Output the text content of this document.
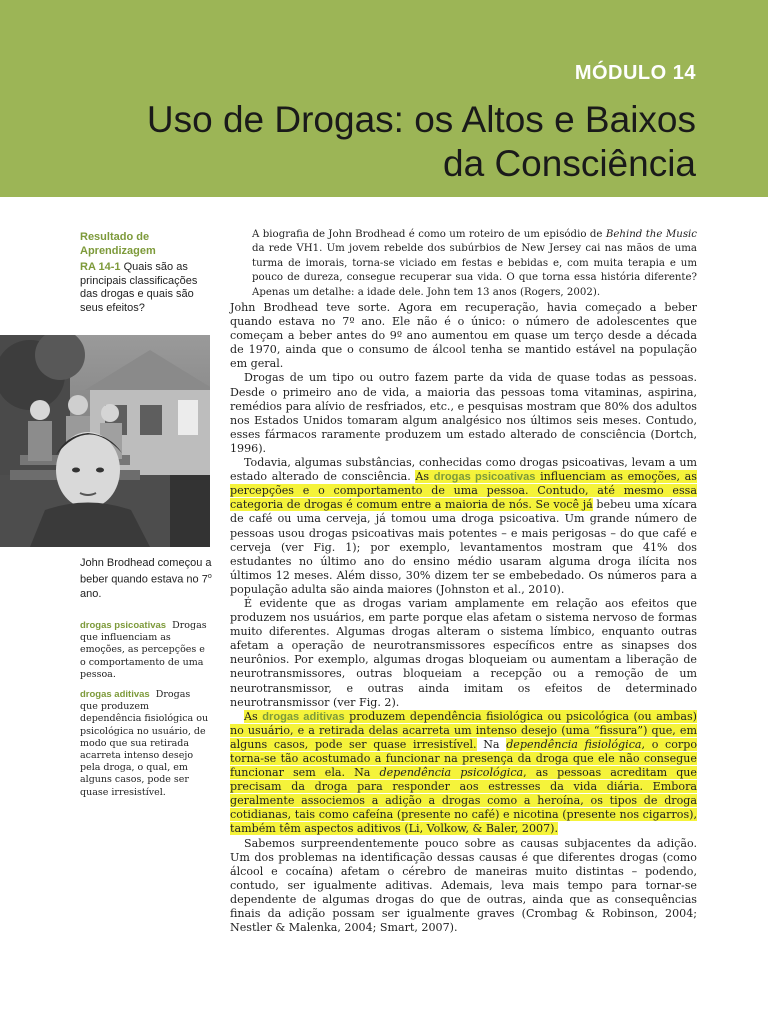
MÓDULO 14
Uso de Drogas: os Altos e Baixos
da Consciência
Resultado de Aprendizagem
RA 14-1 Quais são as principais classificações das drogas e quais são seus efeitos?
John Brodhead começou a beber quando estava no 7$^o$ ano.
drogas psicoativas Drogas que influenciam as emoções, as percepções e o comportamento de uma pessoa.
drogas aditivas Drogas que produzem dependência fisiológica ou psicológica no usuário, de modo que sua retirada acarreta intenso desejo pela droga, o qual, em alguns casos, pode ser quase irresistível.
A biografia de John Brodhead é como um roteiro de um episódio de Behind the Music da rede VH1. Um jovem rebelde dos subúrbios de New Jersey cai nas mãos de uma turma de imorais, torna-se viciado em festas e bebidas e, com muita terapia e um pouco de dureza, consegue recuperar sua vida. O que torna essa história diferente? Apenas um detalhe: a idade dele. John tem 13 anos (Rogers, 2002).

John Brodhead teve sorte. Agora em recuperação, havia começado a beber quando estava no 7º ano. Ele não é o único: o número de adolescentes que começam a beber antes do 9º ano aumentou em quase um terço desde a década de 1970, ainda que o consumo de álcool tenha se mantido estável na população em geral.

Drogas de um tipo ou outro fazem parte da vida de quase todas as pessoas. Desde o primeiro ano de vida, a maioria das pessoas toma vitaminas, aspirina, remédios para alívio de resfriados, etc., e pesquisas mostram que 80% dos adultos nos Estados Unidos tomaram algum analgésico nos últimos seis meses. Contudo, esses fármacos raramente produzem um estado alterado de consciência (Dortch, 1996).

Todavia, algumas substâncias, conhecidas como drogas psicoativas, levam a um estado alterado de consciência. As drogas psicoativas influenciam as emoções, as percepções e o comportamento de uma pessoa. Contudo, até mesmo essa categoria de drogas é comum entre a maioria de nós. Se você já bebeu uma xícara de café ou uma cerveja, já tomou uma droga psicoativa. Um grande número de pessoas usou drogas psicoativas mais potentes – e mais perigosas – do que café e cerveja (ver Fig. 1); por exemplo, levantamentos mostram que 41% dos estudantes no último ano do ensino médio usaram alguma droga ilícita nos últimos 12 meses. Além disso, 30% dizem ter se embebedado. Os números para a população adulta são ainda maiores (Johnston et al., 2010).

É evidente que as drogas variam amplamente em relação aos efeitos que produzem nos usuários, em parte porque elas afetam o sistema nervoso de formas muito diferentes. Algumas drogas alteram o sistema límbico, enquanto outras afetam a operação de neurotransmissores específicos entre as sinapses dos neurônios. Por exemplo, algumas drogas bloqueiam ou aumentam a liberação de neurotransmissores, outras bloqueiam a recepção ou a remoção de um neurotransmissor, e outras ainda imitam os efeitos de determinado neurotransmissor (ver Fig. 2).

As drogas aditivas produzem dependência fisiológica ou psicológica (ou ambas) no usuário, e a retirada delas acarreta um intenso desejo (uma “fissura”) que, em alguns casos, pode ser quase irresistível. Na dependência fisiológica, o corpo torna-se tão acostumado a funcionar na presença da droga que ele não consegue funcionar sem ela. Na dependência psicológica, as pessoas acreditam que precisam da droga para responder aos estresses da vida diária. Embora geralmente associemos a adição a drogas como a heroína, os tipos de droga cotidianas, tais como cafeína (presente no café) e nicotina (presente nos cigarros), também têm aspectos aditivos (Li, Volkow, & Baler, 2007).

Sabemos surpreendentemente pouco sobre as causas subjacentes da adição. Um dos problemas na identificação dessas causas é que diferentes drogas (como álcool e cocaína) afetam o cérebro de maneiras muito distintas – podendo, contudo, ser igualmente aditivas. Ademais, leva mais tempo para tornar-se dependente de algumas drogas do que de outras, ainda que as consequências finais da adição possam ser igualmente graves (Crombag & Robinson, 2004; Nestler & Malenka, 2004; Smart, 2007).
